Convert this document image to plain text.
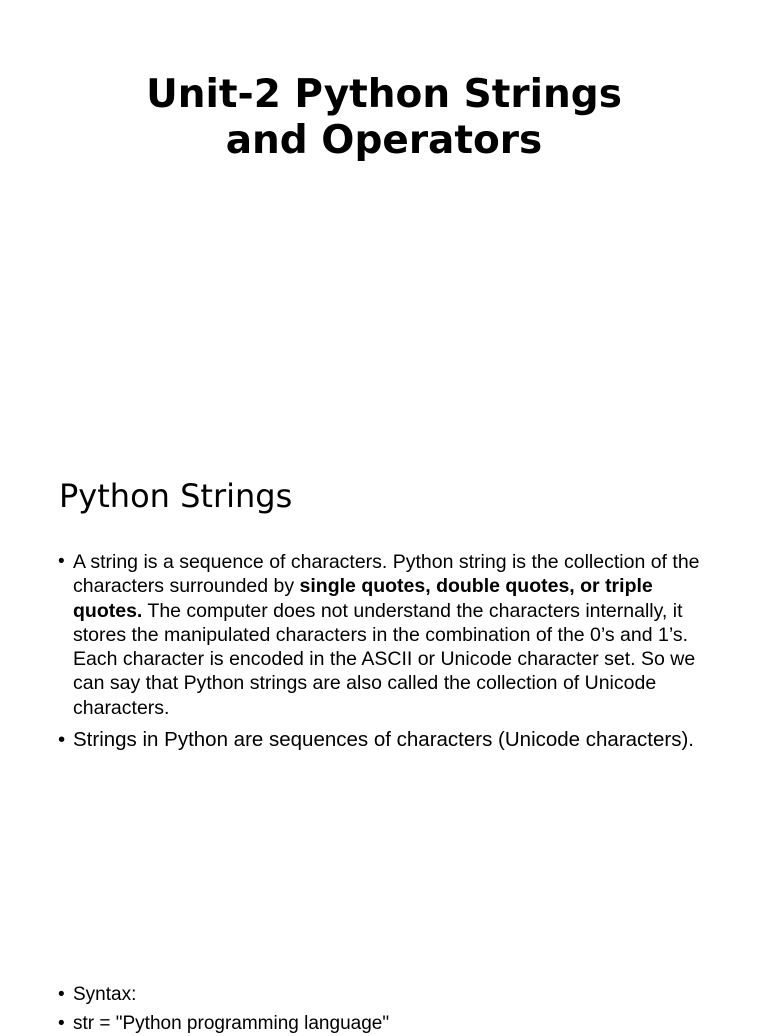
Unit-2 Python Strings
and Operators
Python Strings
• A string is a sequence of characters. Python string is the collection of the characters surrounded by single quotes, double quotes, or triple quotes. The computer does not understand the characters internally, it stores the manipulated characters in the combination of the 0’s and 1’s. Each character is encoded in the ASCII or Unicode character set. So we can say that Python strings are also called the collection of Unicode characters.
• Strings in Python are sequences of characters (Unicode characters).
• Syntax:
• str = "Python programming language"
